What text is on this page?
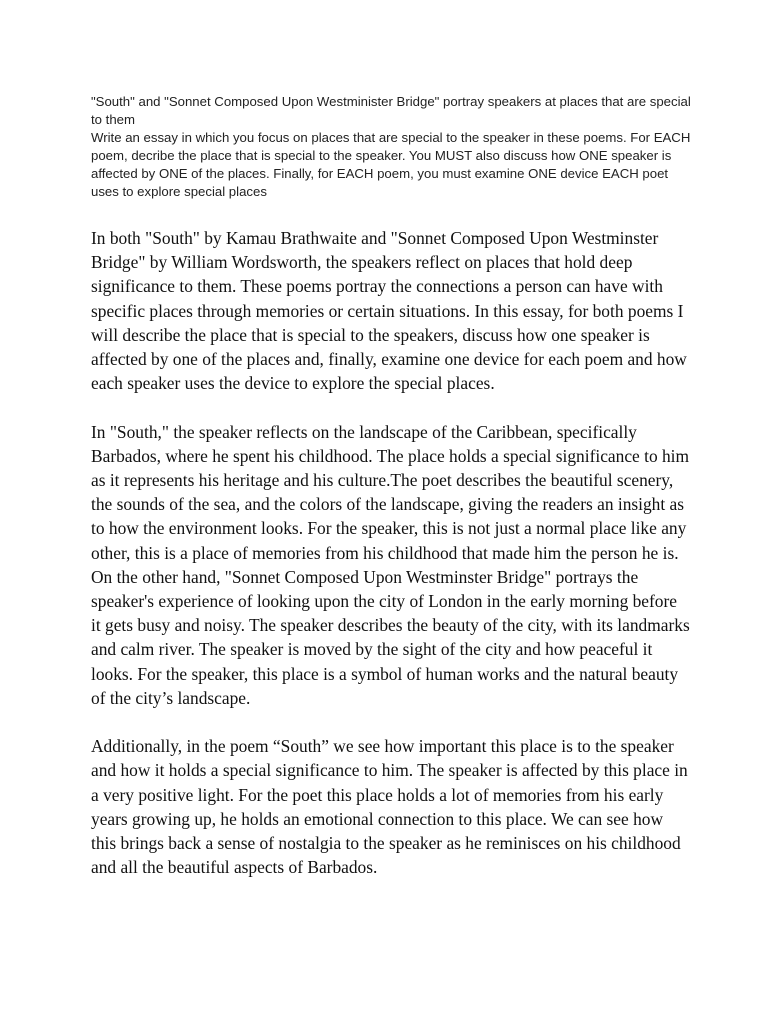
"South" and "Sonnet Composed Upon Westminister Bridge" portray speakers at places that are special to them

Write an essay in which you focus on places that are special to the speaker in these poems. For EACH poem, decribe the place that is special to the speaker. You MUST also discuss how ONE speaker is affected by ONE of the places. Finally, for EACH poem, you must examine ONE device EACH poet uses to explore special places

In both "South" by Kamau Brathwaite and "Sonnet Composed Upon Westminster Bridge" by William Wordsworth, the speakers reflect on places that hold deep significance to them. These poems portray the connections a person can have with specific places through memories or certain situations. In this essay, for both poems I will describe the place that is special to the speakers, discuss how one speaker is affected by one of the places and, finally, examine one device for each poem and how each speaker uses the device to explore the special places.

In "South," the speaker reflects on the landscape of the Caribbean, specifically Barbados, where he spent his childhood. The place holds a special significance to him as it represents his heritage and his culture.The poet describes the beautiful scenery, the sounds of the sea, and the colors of the landscape, giving the readers an insight as to how the environment looks. For the speaker, this is not just a normal place like any other, this is a place of memories from his childhood that made him the person he is. On the other hand, "Sonnet Composed Upon Westminster Bridge" portrays the speaker's experience of looking upon the city of London in the early morning before it gets busy and noisy. The speaker describes the beauty of the city, with its landmarks and calm river. The speaker is moved by the sight of the city and how peaceful it looks. For the speaker, this place is a symbol of human works and the natural beauty of the city’s landscape.

Additionally, in the poem “South” we see how important this place is to the speaker and how it holds a special significance to him. The speaker is affected by this place in a very positive light. For the poet this place holds a lot of memories from his early years growing up, he holds an emotional connection to this place. We can see how this brings back a sense of nostalgia to the speaker as he reminisces on his childhood and all the beautiful aspects of Barbados.
